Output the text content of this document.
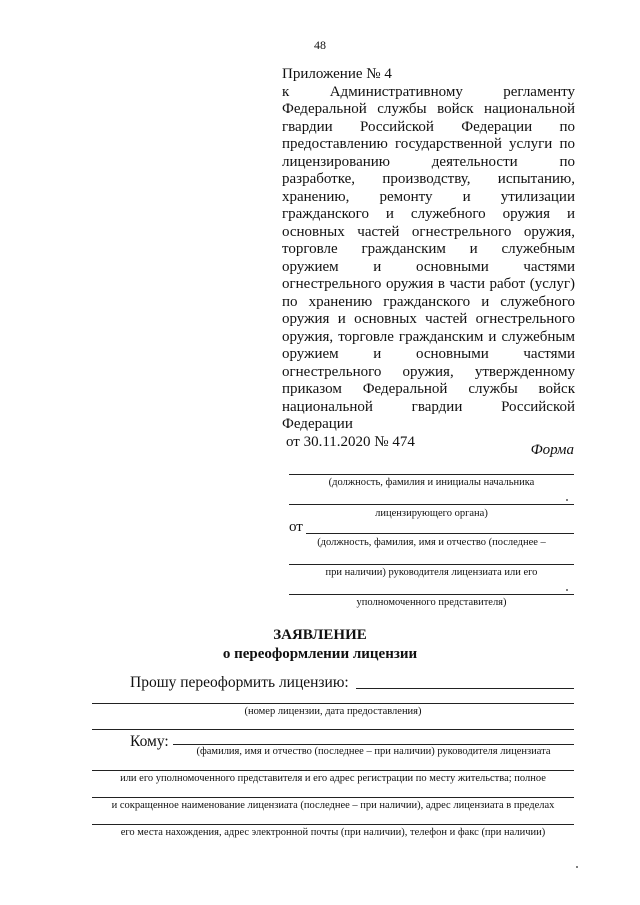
48

Приложение № 4

к Административному регламенту Федеральной службы войск национальной гвардии Российской Федерации по предоставлению государственной услуги по лицензированию деятельности по разработке, производству, испытанию, хранению, ремонту и утилизации гражданского и служебного оружия и основных частей огнестрельного оружия, торговле гражданским и служебным оружием и основными частями огнестрельного оружия в части работ (услуг) по хранению гражданского и служебного оружия и основных частей огнестрельного оружия, торговле гражданским и служебным оружием и основными частями огнестрельного оружия, утвержденному приказом Федеральной службы войск национальной гвардии Российской Федерации

от 30.11.2020 № 474

Форма
(должность, фамилия и инициалы начальника
лицензирующего органа)
от
(должность, фамилия, имя и отчество (последнее –
при наличии) руководителя лицензиата или его
уполномоченного представителя)
ЗАЯВЛЕНИЕ
о переоформлении лицензии
Прошу переоформить лицензию:
(номер лицензии, дата предоставления)
Кому:
(фамилия, имя и отчество (последнее – при наличии) руководителя лицензиата
или его уполномоченного представителя и его адрес регистрации по месту жительства; полное
и сокращенное наименование лицензиата (последнее – при наличии), адрес лицензиата в пределах
его места нахождения, адрес электронной почты (при наличии), телефон и факс (при наличии)
